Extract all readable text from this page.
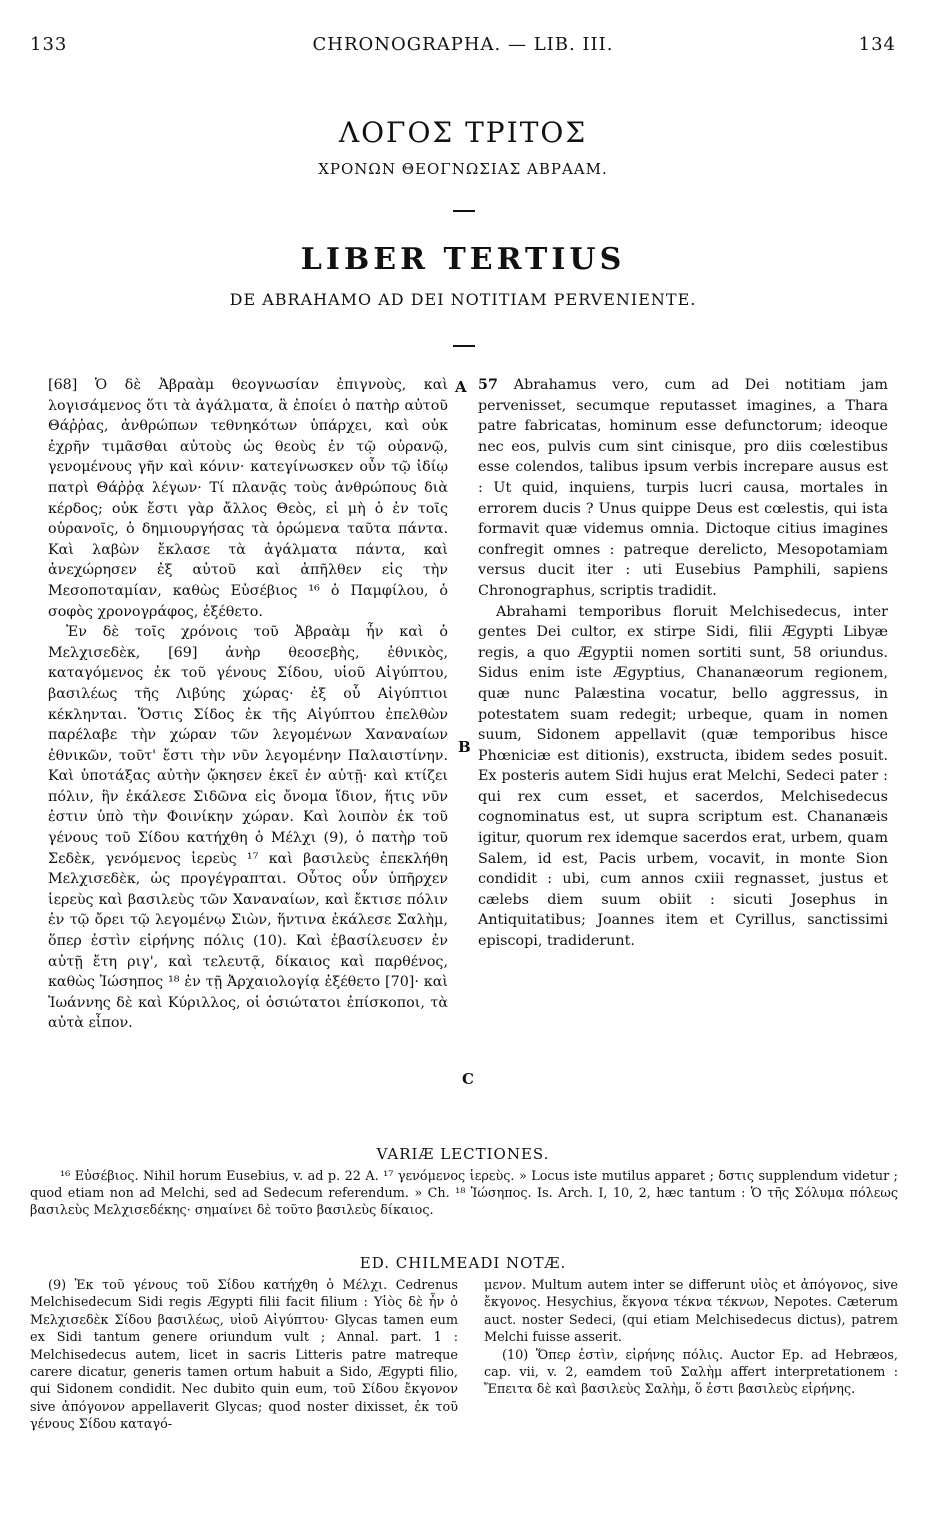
133	CHRONOGRAPHA. — LIB. III.	134
ΛΟΓΟΣ ΤΡΙΤΟΣ
ΧΡΟΝΩΝ ΘΕΟΓΝΩΣΙΑΣ ΑΒΡΑΑΜ.
LIBER TERTIUS
DE ABRAHAMO AD DEI NOTITIAM PERVENIENTE.

[68] Ὁ δὲ Ἀβραὰμ θεογνωσίαν ἐπιγνοὺς, καὶ λογισάμενος ὅτι τὰ ἀγάλματα, ἃ ἐποίει ὁ πατὴρ αὐτοῦ Θάῤῥας, ἀνθρώπων τεθνηκότων ὑπάρχει, καὶ οὐκ ἐχρῆν τιμᾶσθαι αὐτοὺς ὡς θεοὺς ἐν τῷ οὐρανῷ, γενομένους γῆν καὶ κόνιν· κατεγίνωσκεν οὖν τῷ ἰδίῳ πατρὶ Θάῤῥᾳ λέγων· Τί πλανᾷς τοὺς ἀνθρώπους διὰ κέρδος; οὐκ ἔστι γὰρ ἄλλος Θεὸς, εἰ μὴ ὁ ἐν τοῖς οὐρανοῖς, ὁ δημιουργήσας τὰ ὁρώμενα ταῦτα πάντα. Καὶ λαβὼν ἔκλασε τὰ ἀγάλματα πάντα, καὶ ἀνεχώρησεν ἐξ αὐτοῦ καὶ ἀπῆλθεν εἰς τὴν Μεσοποταμίαν, καθὼς Εὐσέβιος ¹⁶ ὁ Παμφίλου, ὁ σοφὸς χρονογράφος, ἐξέθετο.

Ἐν δὲ τοῖς χρόνοις τοῦ Ἀβραὰμ ἦν καὶ ὁ Μελχισεδὲκ, [69] ἀνὴρ θεοσεβὴς, ἐθνικὸς, καταγόμενος ἐκ τοῦ γένους Σίδου, υἱοῦ Αἰγύπτου, βασιλέως τῆς Λιβύης χώρας· ἐξ οὗ Αἰγύπτιοι κέκληνται. Ὅστις Σίδος ἐκ τῆς Αἰγύπτου ἐπελθὼν παρέλαβε τὴν χώραν τῶν λεγομένων Χαναναίων ἐθνικῶν, τοῦτ' ἔστι τὴν νῦν λεγομένην Παλαιστίνην. Καὶ ὑποτάξας αὐτὴν ᾤκησεν ἐκεῖ ἐν αὐτῇ· καὶ κτίζει πόλιν, ἣν ἐκάλεσε Σιδῶνα εἰς ὄνομα ἴδιον, ἥτις νῦν ἐστιν ὑπὸ τὴν Φοινίκην χώραν. Καὶ λοιπὸν ἐκ τοῦ γένους τοῦ Σίδου κατήχθη ὁ Μέλχι (9), ὁ πατὴρ τοῦ Σεδὲκ, γενόμενος ἱερεὺς ¹⁷ καὶ βασιλεὺς ἐπεκλήθη Μελχισεδὲκ, ὡς προγέγραπται. Οὗτος οὖν ὑπῆρχεν ἱερεὺς καὶ βασιλεὺς τῶν Χαναναίων, καὶ ἔκτισε πόλιν ἐν τῷ ὄρει τῷ λεγομένῳ Σιὼν, ἥντινα ἐκάλεσε Σαλὴμ, ὅπερ ἐστὶν εἰρήνης πόλις (10). Καὶ ἐβασίλευσεν ἐν αὐτῇ ἔτη ριγ', καὶ τελευτᾷ, δίκαιος καὶ παρθένος, καθὼς Ἰώσηπος ¹⁸ ἐν τῇ Ἀρχαιολογίᾳ ἐξέθετο [70]· καὶ Ἰωάννης δὲ καὶ Κύριλλος, οἱ ὁσιώτατοι ἐπίσκοποι, τὰ αὐτὰ εἶπον.

A
B
C

57 Abrahamus vero, cum ad Dei notitiam jam pervenisset, secumque reputasset imagines, a Thara patre fabricatas, hominum esse defunctorum; ideoque nec eos, pulvis cum sint cinisque, pro diis cœlestibus esse colendos, talibus ipsum verbis increpare ausus est : Ut quid, inquiens, turpis lucri causa, mortales in errorem ducis ? Unus quippe Deus est cœlestis, qui ista formavit quæ videmus omnia. Dictoque citius imagines confregit omnes : patreque derelicto, Mesopotamiam versus ducit iter : uti Eusebius Pamphili, sapiens Chronographus, scriptis tradidit.

Abrahami temporibus floruit Melchisedecus, inter gentes Dei cultor, ex stirpe Sidi, filii Ægypti Libyæ regis, a quo Ægyptii nomen sortiti sunt, 58 oriundus. Sidus enim iste Ægyptius, Chananæorum regionem, quæ nunc Palæstina vocatur, bello aggressus, in potestatem suam redegit; urbeque, quam in nomen suum, Sidonem appellavit (quæ temporibus hisce Phœniciæ est ditionis), exstructa, ibidem sedes posuit. Ex posteris autem Sidi hujus erat Melchi, Sedeci pater : qui rex cum esset, et sacerdos, Melchisedecus cognominatus est, ut supra scriptum est. Chananæis igitur, quorum rex idemque sacerdos erat, urbem, quam Salem, id est, Pacis urbem, vocavit, in monte Sion condidit : ubi, cum annos cxiii regnasset, justus et cælebs diem suum obiit : sicuti Josephus in Antiquitatibus; Joannes item et Cyrillus, sanctissimi episcopi, tradiderunt.

VARIÆ LECTIONES.

¹⁶ Εὐσέβιος. Nihil horum Eusebius, v. ad p. 22 A. ¹⁷ γενόμενος ἱερεὺς. » Locus iste mutilus apparet ; δστις supplendum videtur ; quod etiam non ad Melchi, sed ad Sedecum referendum. » Ch. ¹⁸ Ἰώσηπος. Is. Arch. I, 10, 2, hæc tantum : Ὁ τῆς Σόλυμα πόλεως βασιλεὺς Μελχισεδέκης· σημαίνει δὲ τοῦτο βασιλεὺς δίκαιος.

ED. CHILMEADI NOTÆ.

(9) Ἐκ τοῦ γένους τοῦ Σίδου κατήχθη ὁ Μέλχι. Cedrenus Melchisedecum Sidi regis Ægypti filii facit filium : Υἱὸς δὲ ἦν ὁ Μελχισεδὲκ Σίδου βασιλέως, υἱοῦ Αἰγύπτου· Glycas tamen eum ex Sidi tantum genere oriundum vult ; Annal. part. 1 : Melchisedecus autem, licet in sacris Litteris patre matreque carere dicatur, generis tamen ortum habuit a Sido, Ægypti filio, qui Sidonem condidit. Nec dubito quin eum, τοῦ Σίδου ἔκγονον sive ἀπόγονον appellaverit Glycas; quod noster dixisset, ἐκ τοῦ γένους Σίδου καταγό-

μενον. Multum autem inter se differunt υἱὸς et ἀπόγονος, sive ἔκγονος. Hesychius, ἔκγονα τέκνα τέκνων, Nepotes. Cæterum auct. noster Sedeci, (qui etiam Melchisedecus dictus), patrem Melchi fuisse asserit.

(10) Ὅπερ ἐστὶν, εἰρήνης πόλις. Auctor Ep. ad Hebræos, cap. vii, v. 2, eamdem τοῦ Σαλὴμ affert interpretationem : Ἔπειτα δὲ καὶ βασιλεὺς Σαλὴμ, ὅ ἐστι βασιλεὺς εἰρήνης.
